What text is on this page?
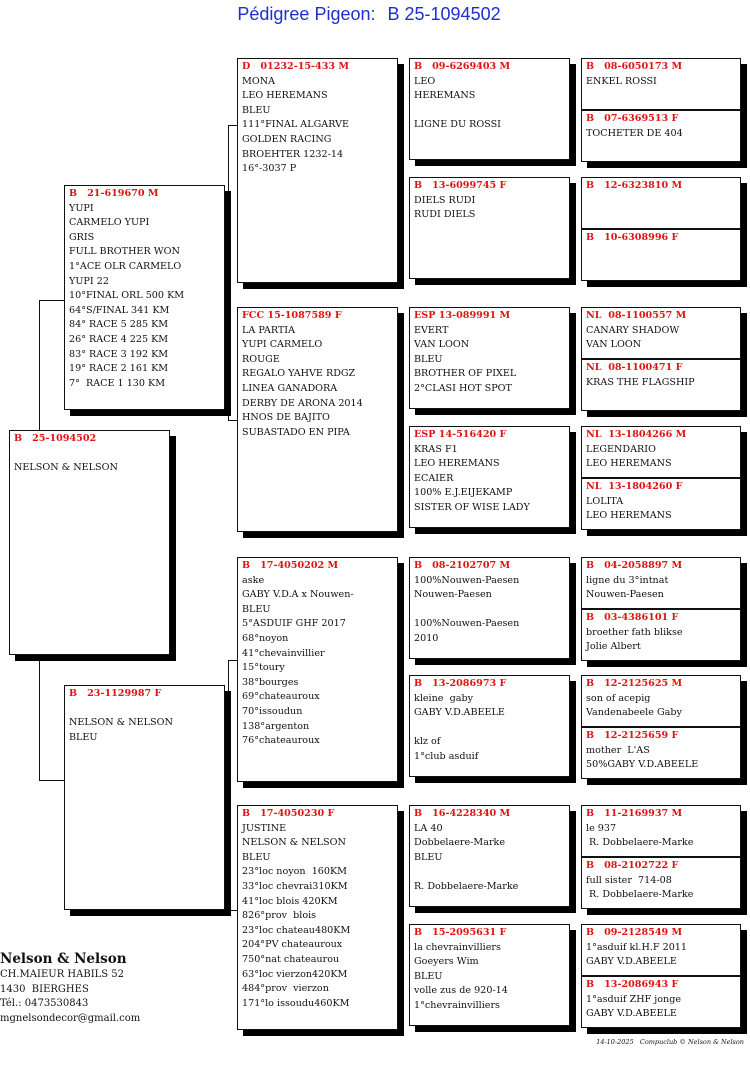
Pédigree Pigeon: B 25-1094502
B   25-1094502
NELSON & NELSON
B   21-619670 M
YUPI
CARMELO YUPI
GRIS
FULL BROTHER WON
1°ACE OLR CARMELO
YUPI 22
10°FINAL ORL 500 KM
64°S/FINAL 341 KM
84° RACE 5 285 KM
26° RACE 4 225 KM
83° RACE 3 192 KM
19° RACE 2 161 KM
7°  RACE 1 130 KM
B   23-1129987 F
NELSON & NELSON
BLEU
D   01232-15-433 M
MONA
LEO HEREMANS
BLEU
111°FINAL ALGARVE
GOLDEN RACING
BROEHTER 1232-14
16°-3037 P
FCC 15-1087589 F
LA PARTIA
YUPI CARMELO
ROUGE
REGALO YAHVE RDGZ
LINEA GANADORA
DERBY DE ARONA 2014
HNOS DE BAJITO
SUBASTADO EN PIPA
B   17-4050202 M
aske
GABY V.D.A x Nouwen-
BLEU
5°ASDUIF GHF 2017
68°noyon
41°chevainvillier
15°toury
38°bourges
69°chateauroux
70°issoudun
138°argenton
76°chateauroux
B   17-4050230 F
JUSTINE
NELSON & NELSON
BLEU
23°loc noyon  160KM
33°loc chevrai310KM
41°loc blois 420KM
826°prov  blois
23°loc chateau480KM
204°PV chateauroux
750°nat chateaurou
63°loc vierzon420KM
484°prov  vierzon
171°lo issoudu460KM
B   09-6269403 M
LEO
HEREMANS
LIGNE DU ROSSI
B   13-6099745 F
DIELS RUDI
RUDI DIELS
ESP 13-089991 M
EVERT
VAN LOON
BLEU
BROTHER OF PIXEL
2°CLASI HOT SPOT
ESP 14-516420 F
KRAS F1
LEO HEREMANS
ECAIER
100% E.J.EIJEKAMP
SISTER OF WISE LADY
B   08-2102707 M
100%Nouwen-Paesen
Nouwen-Paesen
100%Nouwen-Paesen
2010
B   13-2086973 F
kleine  gaby
GABY V.D.ABEELE
klz of
1°club asduif
B   16-4228340 M
LA 40
Dobbelaere-Marke
BLEU
R. Dobbelaere-Marke
B   15-2095631 F
la chevrainvilliers
Goeyers Wim
BLEU
volle zus de 920-14
1°chevrainvilliers
B   08-6050173 M
ENKEL ROSSI
B   07-6369513 F
TOCHETER DE 404
B   12-6323810 M
B   10-6308996 F
NL  08-1100557 M
CANARY SHADOW
VAN LOON
NL  08-1100471 F
KRAS THE FLAGSHIP
NL  13-1804266 M
LEGENDARIO
LEO HEREMANS
NL  13-1804260 F
LOLITA
LEO HEREMANS
B   04-2058897 M
ligne du 3°intnat
Nouwen-Paesen
B   03-4386101 F
broether fath blikse
Jolie Albert
B   12-2125625 M
son of acepig
Vandenabeele Gaby
B   12-2125659 F
mother  L'AS
50%GABY V.D.ABEELE
B   11-2169937 M
le 937
R. Dobbelaere-Marke
B   08-2102722 F
full sister  714-08
R. Dobbelaere-Marke
B   09-2128549 M
1°asduif kl.H.F 2011
GABY V.D.ABEELE
B   13-2086943 F
1°asduif ZHF jonge
GABY V.D.ABEELE
Nelson & Nelson
CH.MAIEUR HABILS 52
1430  BIERGHES
Tél.: 0473530843
mgnelsondecor@gmail.com
14-10-2025   Compuclub © Nelson & Nelson
